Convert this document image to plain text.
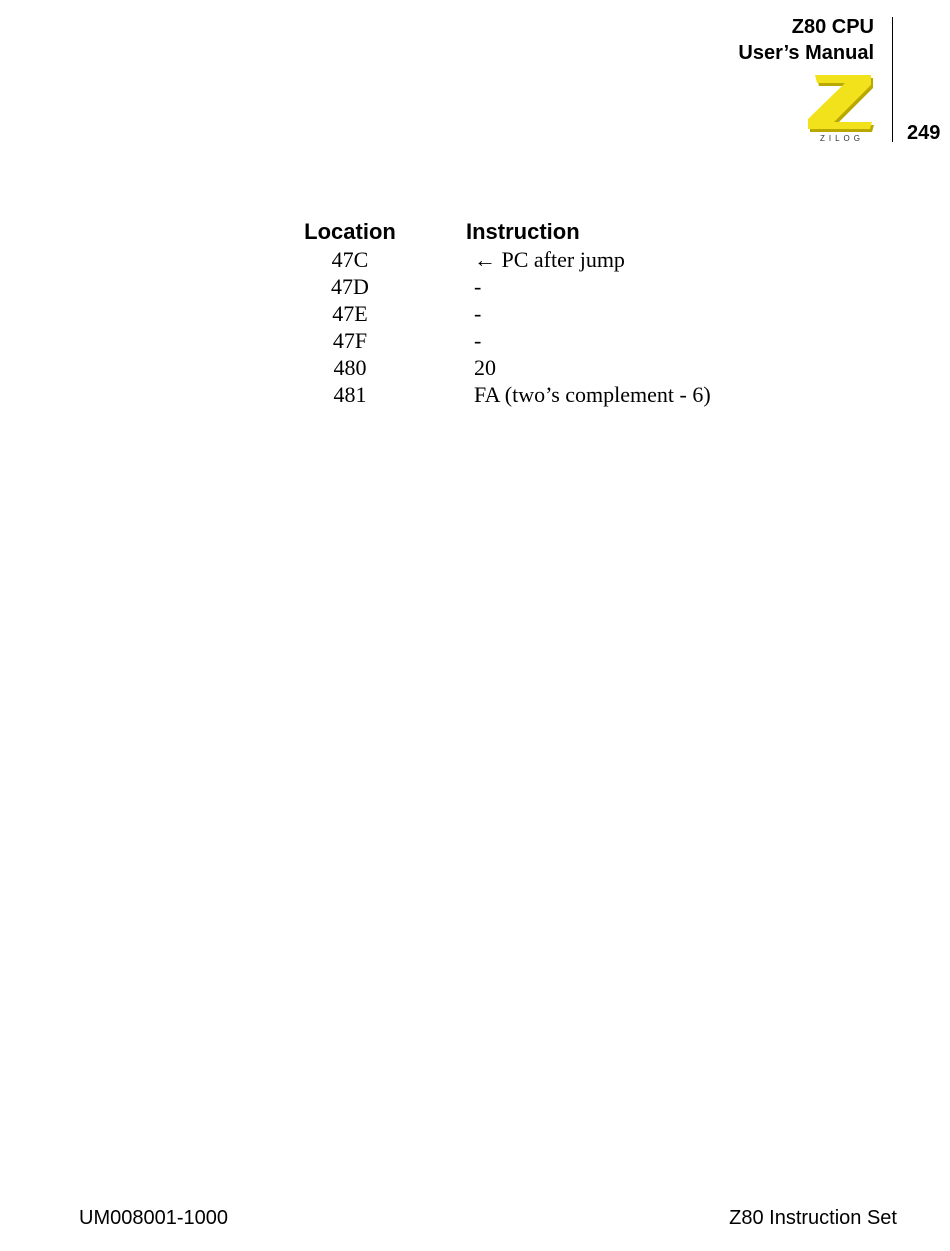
Z80 CPU
User’s Manual
ZILOG 249
Location	Instruction
47C	← PC after jump
47D	-
47E	-
47F	-
480	20
481	FA (two’s complement - 6)
UM008001-1000	Z80 Instruction Set
